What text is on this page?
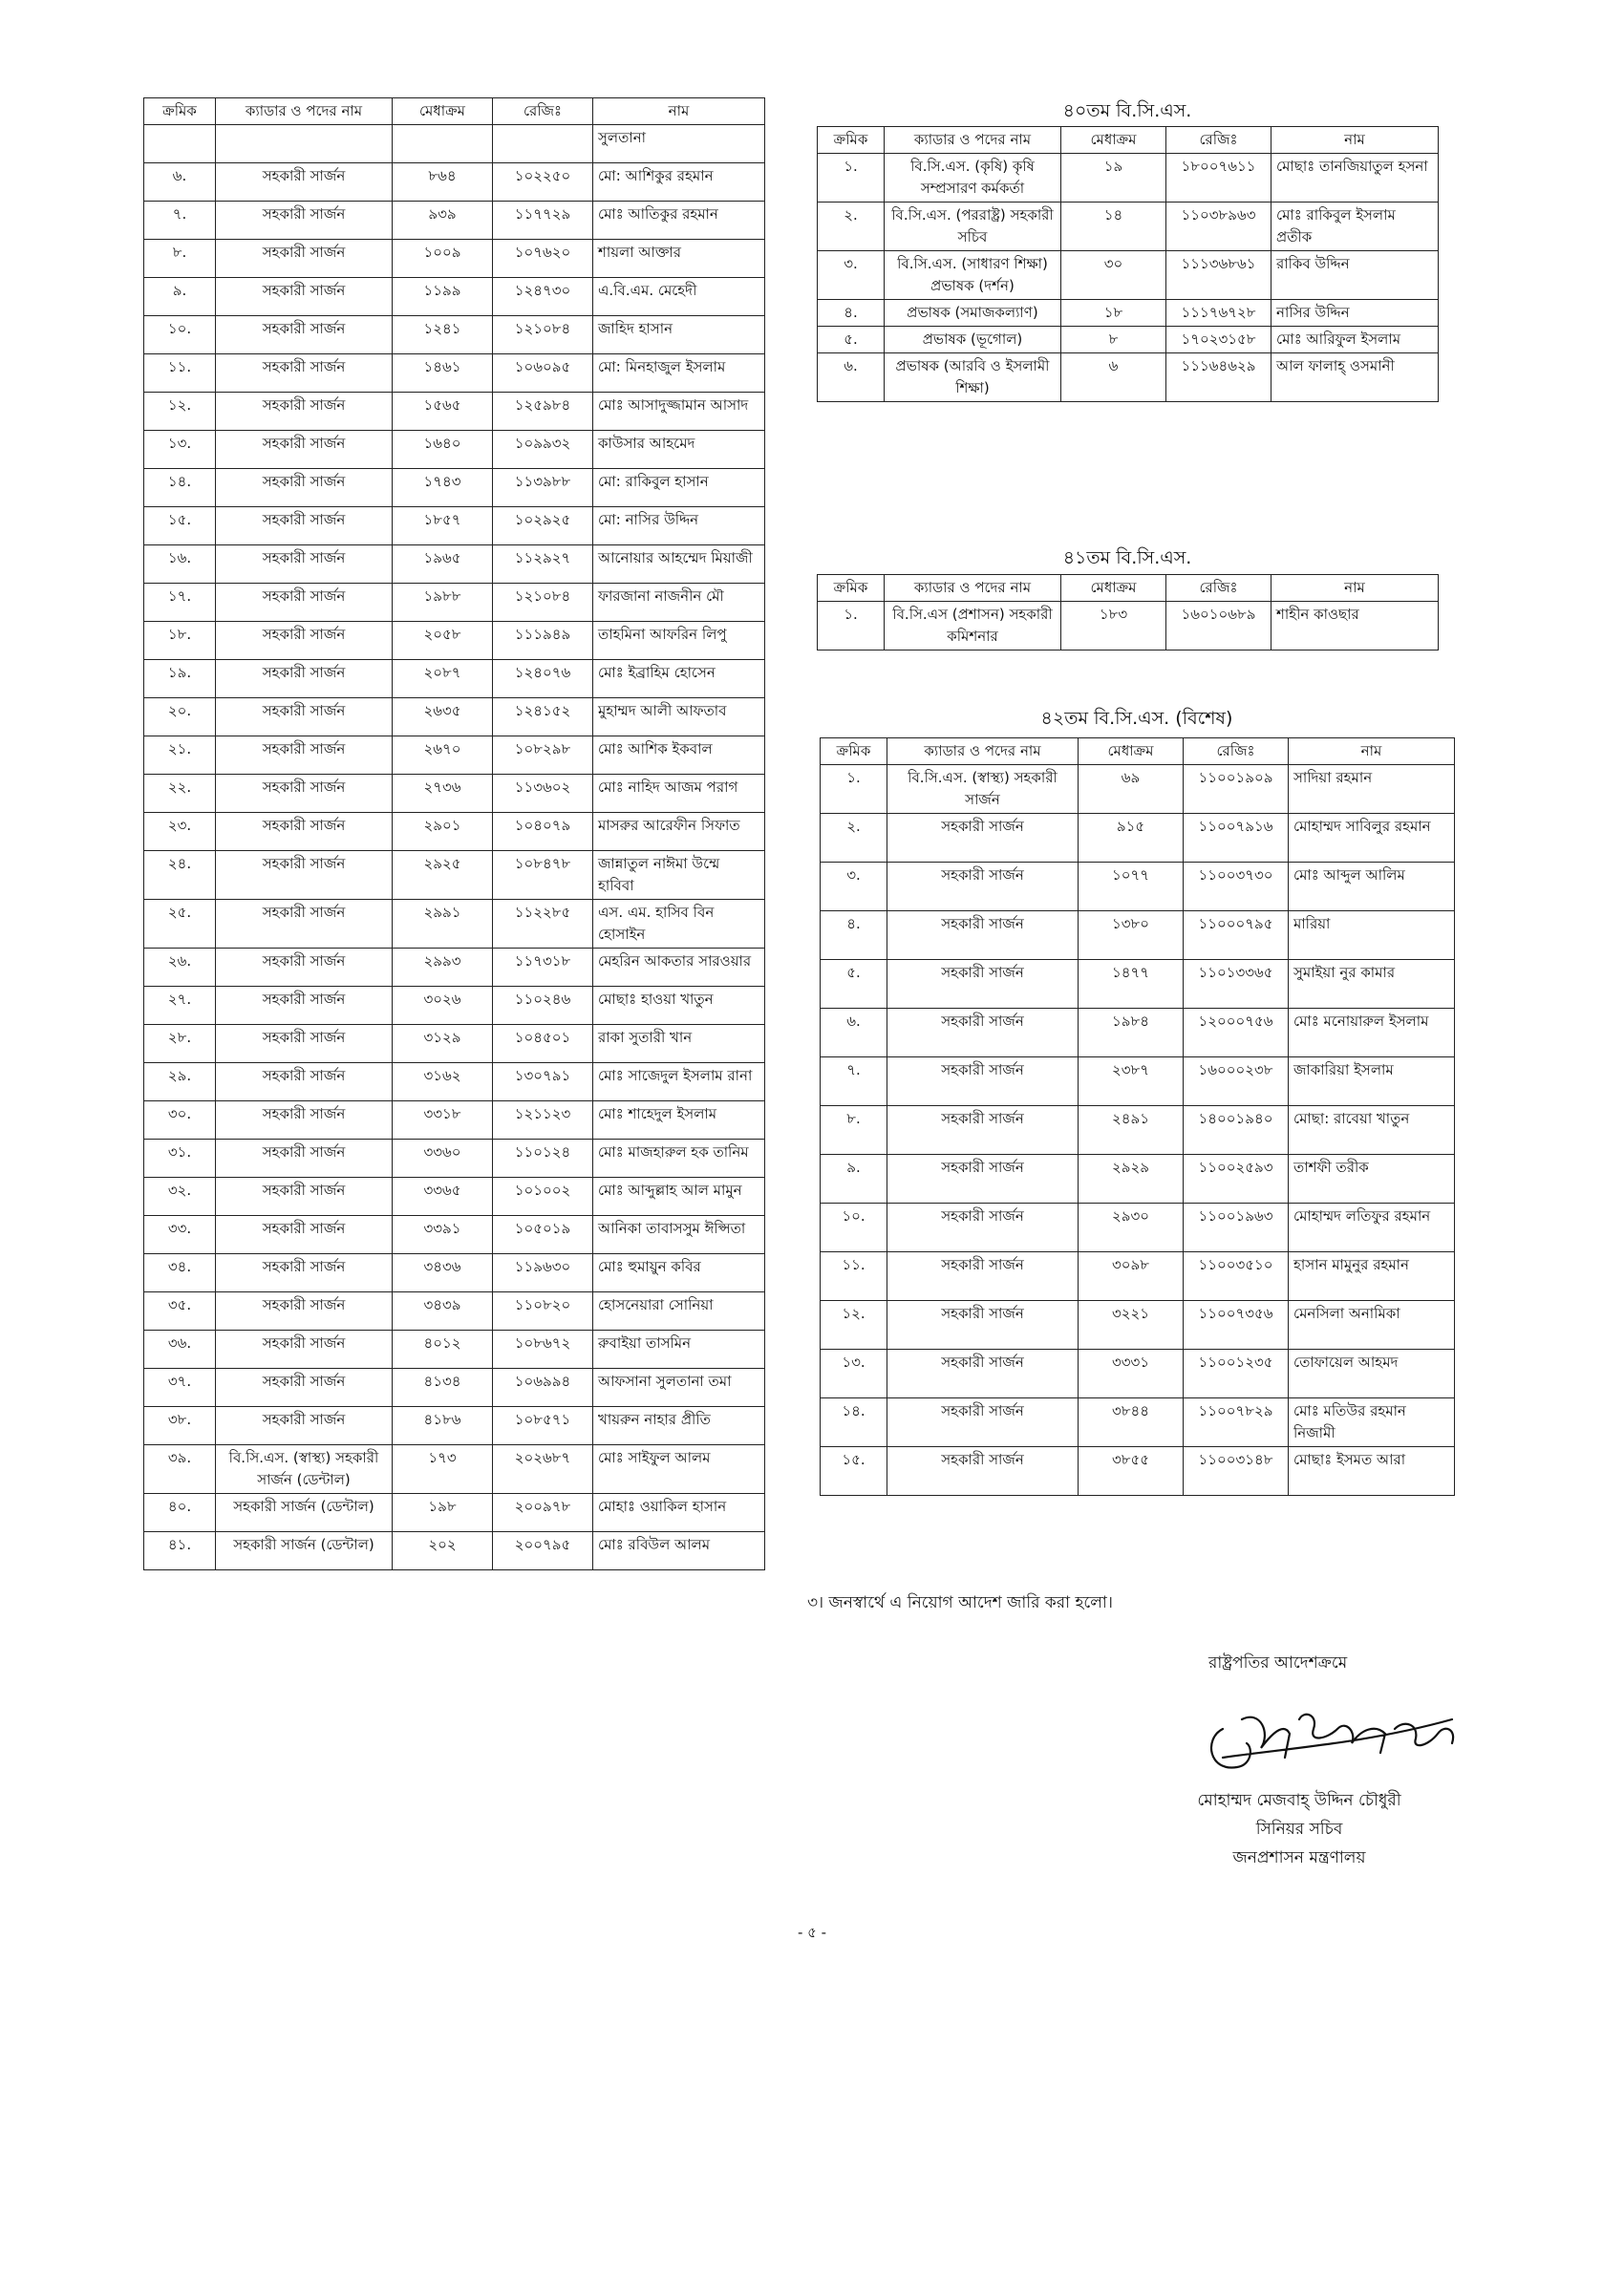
ক্রমিক	ক্যাডার ও পদের নাম	মেধাক্রম	রেজিঃ	নাম
				সুলতানা
৬.	সহকারী সার্জন	৮৬৪	১০২২৫০	মো: আশিকুর রহমান
৭.	সহকারী সার্জন	৯৩৯	১১৭৭২৯	মোঃ আতিকুর রহমান
৮.	সহকারী সার্জন	১০০৯	১০৭৬২০	শায়লা আক্তার
৯.	সহকারী সার্জন	১১৯৯	১২৪৭৩০	এ.বি.এম. মেহেদী
১০.	সহকারী সার্জন	১২৪১	১২১০৮৪	জাহিদ হাসান
১১.	সহকারী সার্জন	১৪৬১	১০৬০৯৫	মো: মিনহাজুল ইসলাম
১২.	সহকারী সার্জন	১৫৬৫	১২৫৯৮৪	মোঃ আসাদুজ্জামান আসাদ
১৩.	সহকারী সার্জন	১৬৪০	১০৯৯৩২	কাউসার আহমেদ
১৪.	সহকারী সার্জন	১৭৪৩	১১৩৯৮৮	মো: রাকিবুল হাসান
১৫.	সহকারী সার্জন	১৮৫৭	১০২৯২৫	মো: নাসির উদ্দিন
১৬.	সহকারী সার্জন	১৯৬৫	১১২৯২৭	আনোয়ার আহম্মেদ মিয়াজী
১৭.	সহকারী সার্জন	১৯৮৮	১২১০৮৪	ফারজানা নাজনীন মৌ
১৮.	সহকারী সার্জন	২০৫৮	১১১৯৪৯	তাহমিনা আফরিন লিপু
১৯.	সহকারী সার্জন	২০৮৭	১২৪০৭৬	মোঃ ইব্রাহিম হোসেন
২০.	সহকারী সার্জন	২৬৩৫	১২৪১৫২	মুহাম্মদ আলী আফতাব
২১.	সহকারী সার্জন	২৬৭০	১০৮২৯৮	মোঃ আশিক ইকবাল
২২.	সহকারী সার্জন	২৭৩৬	১১৩৬০২	মোঃ নাহিদ আজম পরাগ
২৩.	সহকারী সার্জন	২৯০১	১০৪০৭৯	মাসরুর আরেফীন সিফাত
২৪.	সহকারী সার্জন	২৯২৫	১০৮৪৭৮	জান্নাতুল নাঈমা উম্মে হাবিবা
২৫.	সহকারী সার্জন	২৯৯১	১১২২৮৫	এস. এম. হাসিব বিন হোসাইন
২৬.	সহকারী সার্জন	২৯৯৩	১১৭৩১৮	মেহরিন আকতার সারওয়ার
২৭.	সহকারী সার্জন	৩০২৬	১১০২৪৬	মোছাঃ হাওয়া খাতুন
২৮.	সহকারী সার্জন	৩১২৯	১০৪৫০১	রাকা সুতারী খান
২৯.	সহকারী সার্জন	৩১৬২	১৩০৭৯১	মোঃ সাজেদুল ইসলাম রানা
৩০.	সহকারী সার্জন	৩৩১৮	১২১১২৩	মোঃ শাহেদুল ইসলাম
৩১.	সহকারী সার্জন	৩৩৬০	১১০১২৪	মোঃ মাজহারুল হক তানিম
৩২.	সহকারী সার্জন	৩৩৬৫	১০১০০২	মোঃ আব্দুল্লাহ আল মামুন
৩৩.	সহকারী সার্জন	৩৩৯১	১০৫০১৯	আনিকা তাবাসসুম ঈপ্সিতা
৩৪.	সহকারী সার্জন	৩৪৩৬	১১৯৬৩০	মোঃ হুমায়ুন কবির
৩৫.	সহকারী সার্জন	৩৪৩৯	১১০৮২০	হোসনেয়ারা সোনিয়া
৩৬.	সহকারী সার্জন	৪০১২	১০৮৬৭২	রুবাইয়া তাসমিন
৩৭.	সহকারী সার্জন	৪১৩৪	১০৬৯৯৪	আফসানা সুলতানা তমা
৩৮.	সহকারী সার্জন	৪১৮৬	১০৮৫৭১	খায়রুন নাহার প্রীতি
৩৯.	বি.সি.এস. (স্বাস্থ্য) সহকারী সার্জন (ডেন্টাল)	১৭৩	২০২৬৮৭	মোঃ সাইফুল আলম
৪০.	সহকারী সার্জন (ডেন্টাল)	১৯৮	২০০৯৭৮	মোহাঃ ওয়াকিল হাসান
৪১.	সহকারী সার্জন (ডেন্টাল)	২০২	২০০৭৯৫	মোঃ রবিউল আলম
৪০তম বি.সি.এস.
ক্রমিক	ক্যাডার ও পদের নাম	মেধাক্রম	রেজিঃ	নাম
১.	বি.সি.এস. (কৃষি) কৃষি সম্প্রসারণ কর্মকর্তা	১৯	১৮০০৭৬১১	মোছাঃ তানজিয়াতুল হসনা
২.	বি.সি.এস. (পররাষ্ট্র) সহকারী সচিব	১৪	১১০৩৮৯৬৩	মোঃ রাকিবুল ইসলাম প্রতীক
৩.	বি.সি.এস. (সাধারণ শিক্ষা) প্রভাষক (দর্শন)	৩০	১১১৩৬৮৬১	রাকিব উদ্দিন
৪.	প্রভাষক (সমাজকল্যাণ)	১৮	১১১৭৬৭২৮	নাসির উদ্দিন
৫.	প্রভাষক (ভূগোল)	৮	১৭০২৩১৫৮	মোঃ আরিফুল ইসলাম
৬.	প্রভাষক (আরবি ও ইসলামী শিক্ষা)	৬	১১১৬৪৬২৯	আল ফালাহ্ ওসমানী
৪১তম বি.সি.এস.
ক্রমিক	ক্যাডার ও পদের নাম	মেধাক্রম	রেজিঃ	নাম
১.	বি.সি.এস (প্রশাসন) সহকারী কমিশনার	১৮৩	১৬০১০৬৮৯	শাহীন কাওছার
৪২তম বি.সি.এস. (বিশেষ)
ক্রমিক	ক্যাডার ও পদের নাম	মেধাক্রম	রেজিঃ	নাম
১.	বি.সি.এস. (স্বাস্থ্য) সহকারী সার্জন	৬৯	১১০০১৯০৯	সাদিয়া রহমান
২.	সহকারী সার্জন	৯১৫	১১০০৭৯১৬	মোহাম্মদ সাবিলুর রহমান
৩.	সহকারী সার্জন	১০৭৭	১১০০৩৭৩০	মোঃ আব্দুল আলিম
৪.	সহকারী সার্জন	১৩৮০	১১০০০৭৯৫	মারিয়া
৫.	সহকারী সার্জন	১৪৭৭	১১০১৩৩৬৫	সুমাইয়া নুর কামার
৬.	সহকারী সার্জন	১৯৮৪	১২০০০৭৫৬	মোঃ মনোয়ারুল ইসলাম
৭.	সহকারী সার্জন	২৩৮৭	১৬০০০২৩৮	জাকারিয়া ইসলাম
৮.	সহকারী সার্জন	২৪৯১	১৪০০১৯৪০	মোছা: রাবেয়া খাতুন
৯.	সহকারী সার্জন	২৯২৯	১১০০২৫৯৩	তাশফী তরীক
১০.	সহকারী সার্জন	২৯৩০	১১০০১৯৬৩	মোহাম্মদ লতিফুর রহমান
১১.	সহকারী সার্জন	৩০৯৮	১১০০৩৫১০	হাসান মামুনুর রহমান
১২.	সহকারী সার্জন	৩২২১	১১০০৭৩৫৬	মেনসিলা অনামিকা
১৩.	সহকারী সার্জন	৩৩৩১	১১০০১২৩৫	তোফায়েল আহমদ
১৪.	সহকারী সার্জন	৩৮৪৪	১১০০৭৮২৯	মোঃ মতিউর রহমান নিজামী
১৫.	সহকারী সার্জন	৩৮৫৫	১১০০৩১৪৮	মোছাঃ ইসমত আরা
৩। জনস্বার্থে এ নিয়োগ আদেশ জারি করা হলো।
রাষ্ট্রপতির আদেশক্রমে
মোহাম্মদ মেজবাহ্ উদ্দিন চৌধুরী
সিনিয়র সচিব
জনপ্রশাসন মন্ত্রণালয়
- ৫ -
